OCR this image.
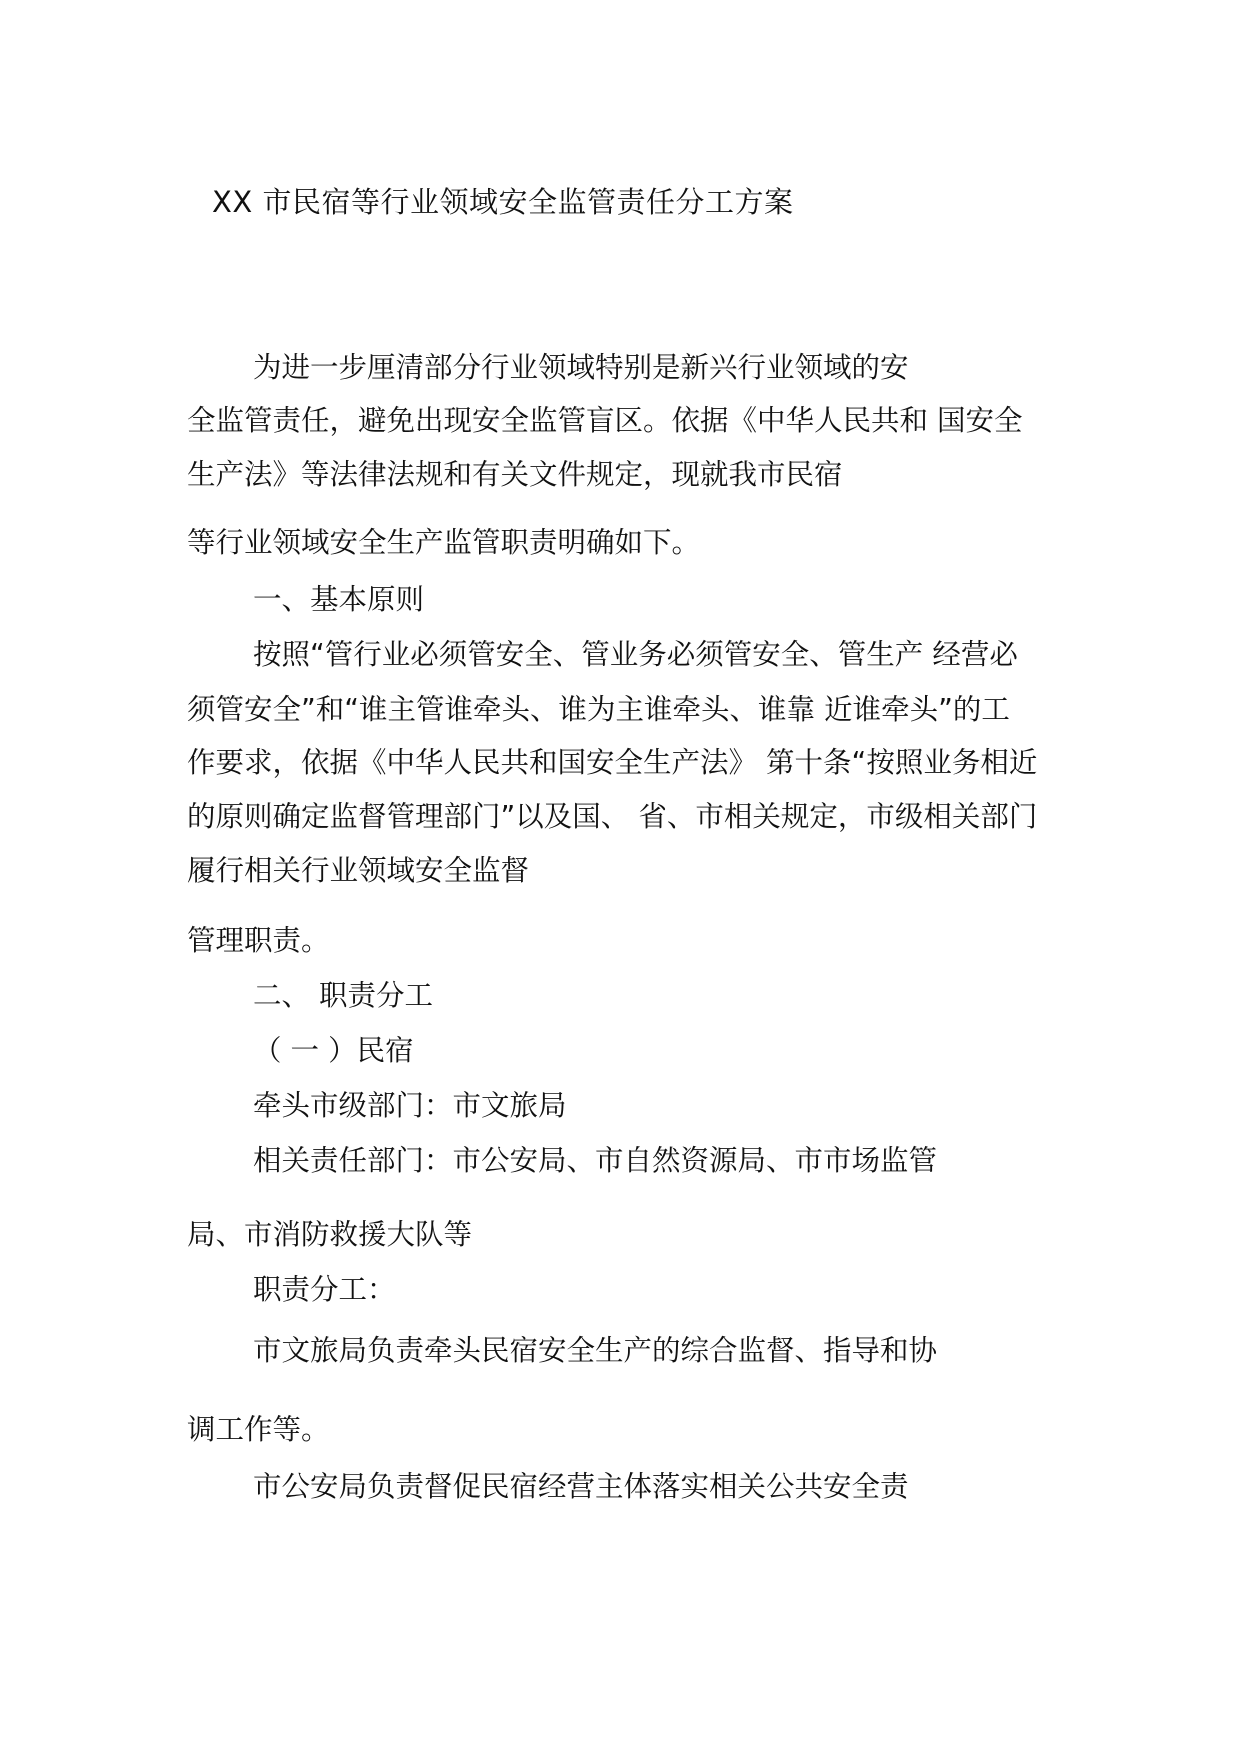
XX 市民宿等行业领域安全监管责任分工方案
为进一步厘清部分行业领域特别是新兴行业领域的安
全监管责任，避免出现安全监管盲区。依据《中华人民共和 国安全
生产法》等法律法规和有关文件规定，现就我市民宿
等行业领域安全生产监管职责明确如下。
一、基本原则
按照“管行业必须管安全、管业务必须管安全、管生产 经营必
须管安全”和“谁主管谁牵头、谁为主谁牵头、谁靠 近谁牵头”的工
作要求，依据《中华人民共和国安全生产法》 第十条“按照业务相近
的原则确定监督管理部门”以及国、 省、市相关规定，市级相关部门
履行相关行业领域安全监督
管理职责。
二、 职责分工
（ 一 ）民宿
牵头市级部门：市文旅局
相关责任部门：市公安局、市自然资源局、市市场监管
局、市消防救援大队等
职责分工：
市文旅局负责牵头民宿安全生产的综合监督、指导和协
调工作等。
市公安局负责督促民宿经营主体落实相关公共安全责
